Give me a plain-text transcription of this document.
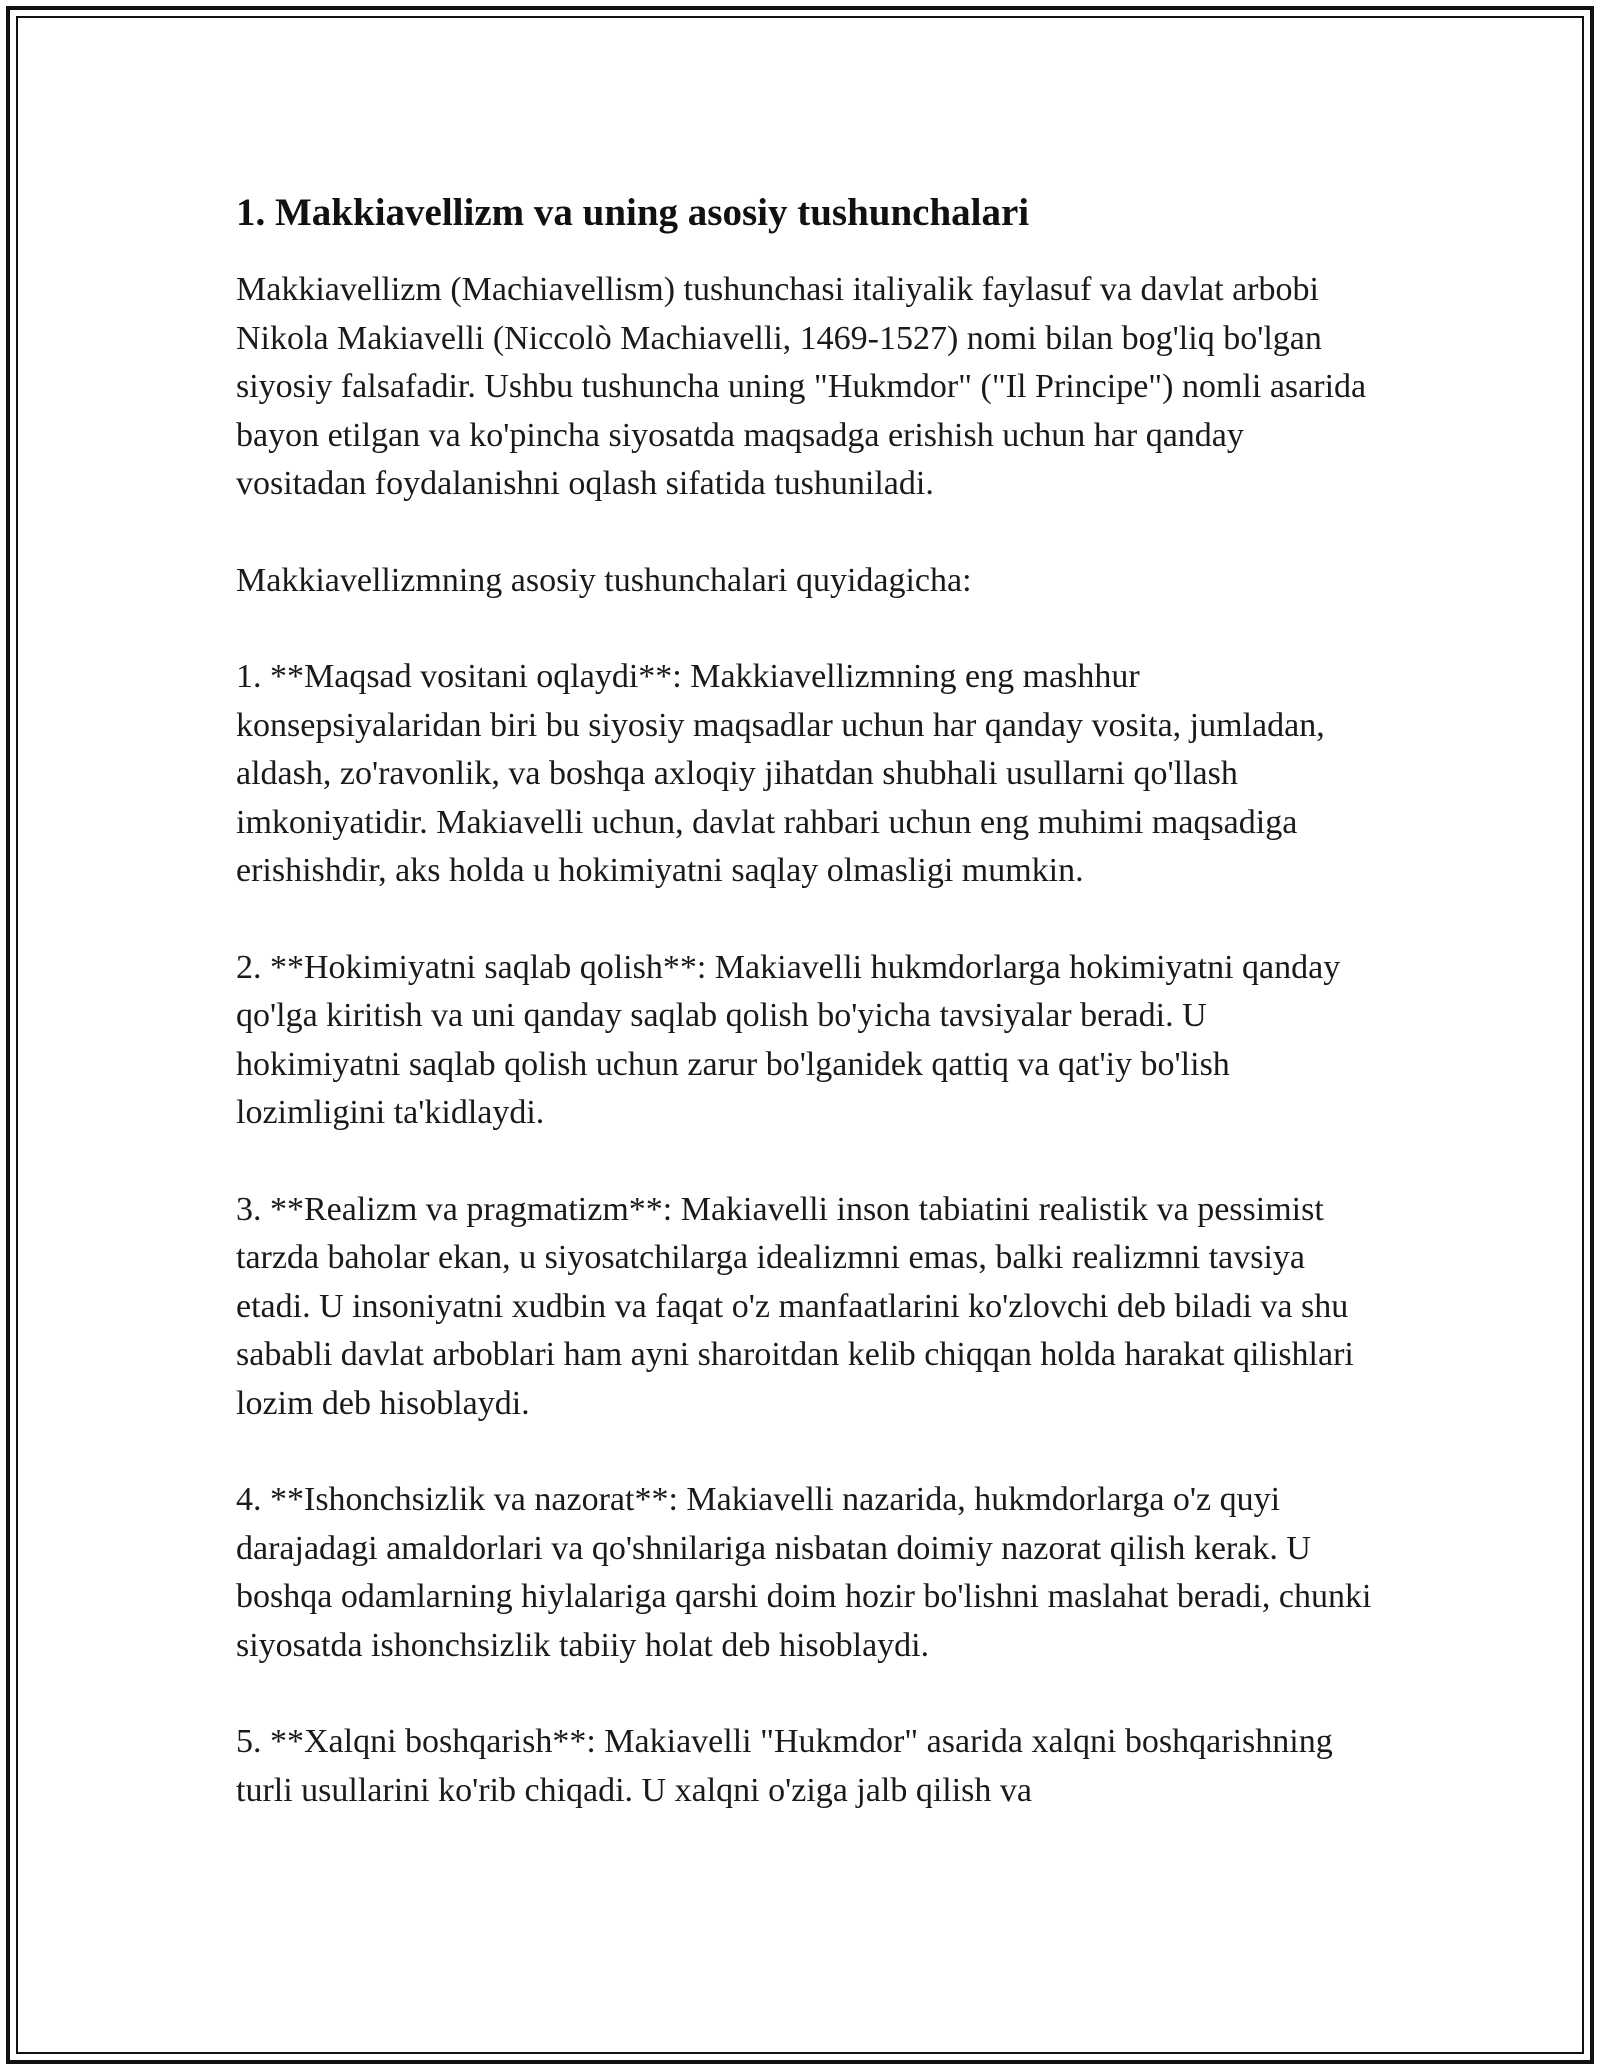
1. Makkiavellizm va uning asosiy tushunchalari

Makkiavellizm (Machiavellism) tushunchasi italiyalik faylasuf va davlat arbobi Nikola Makiavelli (Niccolò Machiavelli, 1469-1527) nomi bilan bog'liq bo'lgan siyosiy falsafadir. Ushbu tushuncha uning "Hukmdor" ("Il Principe") nomli asarida bayon etilgan va ko'pincha siyosatda maqsadga erishish uchun har qanday vositadan foydalanishni oqlash sifatida tushuniladi.

Makkiavellizmning asosiy tushunchalari quyidagicha:

1. **Maqsad vositani oqlaydi**: Makkiavellizmning eng mashhur konsepsiyalaridan biri bu siyosiy maqsadlar uchun har qanday vosita, jumladan, aldash, zo'ravonlik, va boshqa axloqiy jihatdan shubhali usullarni qo'llash imkoniyatidir. Makiavelli uchun, davlat rahbari uchun eng muhimi maqsadiga erishishdir, aks holda u hokimiyatni saqlay olmasligi mumkin.

2. **Hokimiyatni saqlab qolish**: Makiavelli hukmdorlarga hokimiyatni qanday qo'lga kiritish va uni qanday saqlab qolish bo'yicha tavsiyalar beradi. U hokimiyatni saqlab qolish uchun zarur bo'lganidek qattiq va qat'iy bo'lish lozimligini ta'kidlaydi.

3. **Realizm va pragmatizm**: Makiavelli inson tabiatini realistik va pessimist tarzda baholar ekan, u siyosatchilarga idealizmni emas, balki realizmni tavsiya etadi. U insoniyatni xudbin va faqat o'z manfaatlarini ko'zlovchi deb biladi va shu sababli davlat arboblari ham ayni sharoitdan kelib chiqqan holda harakat qilishlari lozim deb hisoblaydi.

4. **Ishonchsizlik va nazorat**: Makiavelli nazarida, hukmdorlarga o'z quyi darajadagi amaldorlari va qo'shnilariga nisbatan doimiy nazorat qilish kerak. U boshqa odamlarning hiylalariga qarshi doim hozir bo'lishni maslahat beradi, chunki siyosatda ishonchsizlik tabiiy holat deb hisoblaydi.

5. **Xalqni boshqarish**: Makiavelli "Hukmdor" asarida xalqni boshqarishning turli usullarini ko'rib chiqadi. U xalqni o'ziga jalb qilish va
